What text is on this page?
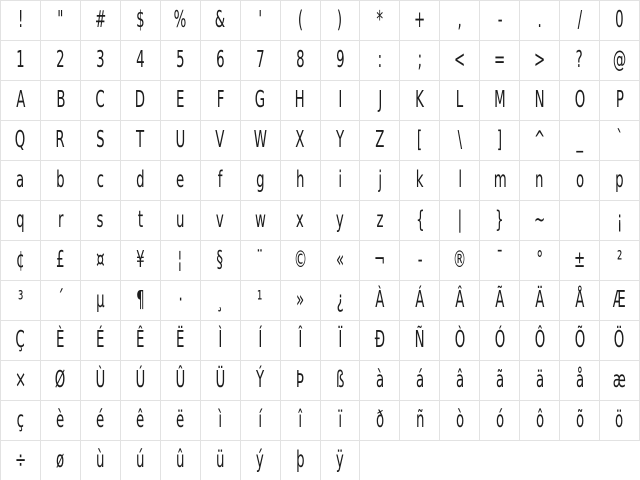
! " # $ % & ' ( ) * + , - . / 0
1 2 3 4 5 6 7 8 9 : ; < = > ? @
A B C D E F G H I J K L M N O P
Q R S T U V W X Y Z [ \ ] ^ _ `
a b c d e f g h i j k l m n o p
q r s t u v w x y z { | } ~	¡
¢ £ ¤ ¥ ¦ § ¨ © « ¬ - ® ¯ ° ± ²
³ ´ µ ¶ · ¸ ¹ » ¿ À Á Â Ã Ä Å Æ
Ç È É Ê Ë Ì Í Î Ï Ð Ñ Ò Ó Ô Õ Ö
× Ø Ù Ú Û Ü Ý Þ ß à á â ã ä å æ
ç è é ê ë ì í î ï ð ñ ò ó ô õ ö
÷ ø ù ú û ü ý þ ÿ
